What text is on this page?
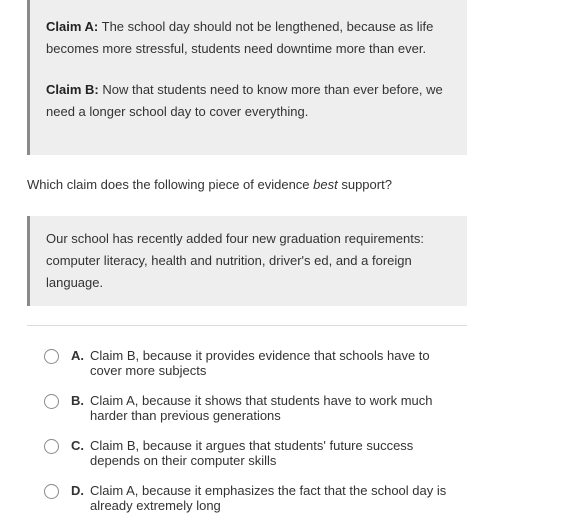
Claim A: The school day should not be lengthened, because as life becomes more stressful, students need downtime more than ever.

Claim B: Now that students need to know more than ever before, we need a longer school day to cover everything.

Which claim does the following piece of evidence best support?

Our school has recently added four new graduation requirements: computer literacy, health and nutrition, driver's ed, and a foreign language.
A. Claim B, because it provides evidence that schools have to cover more subjects
B. Claim A, because it shows that students have to work much harder than previous generations
C. Claim B, because it argues that students' future success depends on their computer skills
D. Claim A, because it emphasizes the fact that the school day is already extremely long
